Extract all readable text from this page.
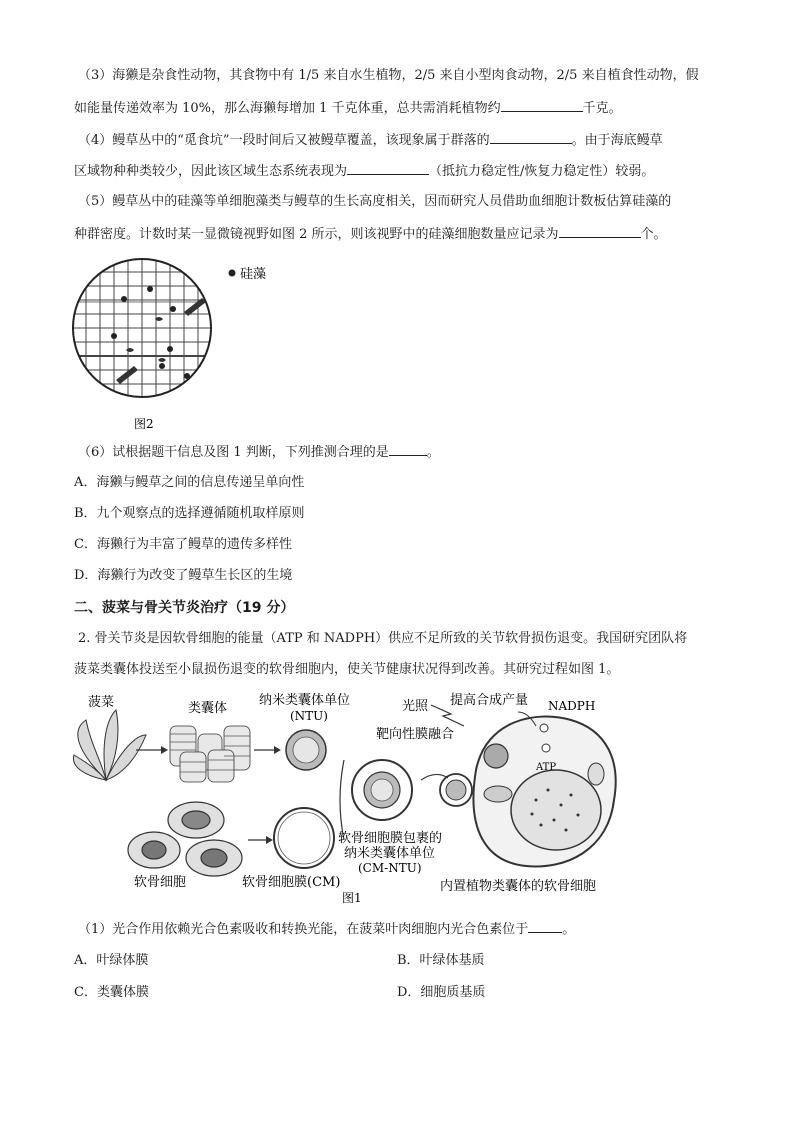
（3）海獭是杂食性动物，其食物中有 1/5 来自水生植物，2/5 来自小型肉食动物，2/5 来自植食性动物，假
如能量传递效率为 10%，那么海獭每增加 1 千克体重，总共需消耗植物约	千克。
（4）鳗草丛中的“觅食坑”一段时间后又被鳗草覆盖，该现象属于群落的	。由于海底鳗草
区域物种种类较少，因此该区域生态系统表现为	（抵抗力稳定性/恢复力稳定性）较弱。
（5）鳗草丛中的硅藻等单细胞藻类与鳗草的生长高度相关，因而研究人员借助血细胞计数板估算硅藻的
种群密度。计数时某一显微镜视野如图 2 所示，则该视野中的硅藻细胞数量应记录为	个。
硅藻
图2
（6）试根据题干信息及图 1 判断，下列推测合理的是	。
A．海獭与鳗草之间的信息传递呈单向性
B．九个观察点的选择遵循随机取样原则
C．海獭行为丰富了鳗草的遗传多样性
D．海獭行为改变了鳗草生长区的生境
二、菠菜与骨关节炎治疗（19 分）
2. 骨关节炎是因软骨细胞的能量（ATP 和 NADPH）供应不足所致的关节软骨损伤退变。我国研究团队将
菠菜类囊体投送至小鼠损伤退变的软骨细胞内，使关节健康状况得到改善。其研究过程如图 1。
菠菜	类囊体
纳米类囊体单位
(NTU)
软骨细胞	软骨细胞膜(CM)
软骨细胞膜包裹的
纳米类囊体单位
(CM-NTU)
靶向性膜融合
ATP
光照 提高合成产量 NADPH
内置植物类囊体的软骨细胞
图1
（1）光合作用依赖光合色素吸收和转换光能，在菠菜叶肉细胞内光合色素位于	。
A．叶绿体膜	B．叶绿体基质
C．类囊体膜	D．细胞质基质
